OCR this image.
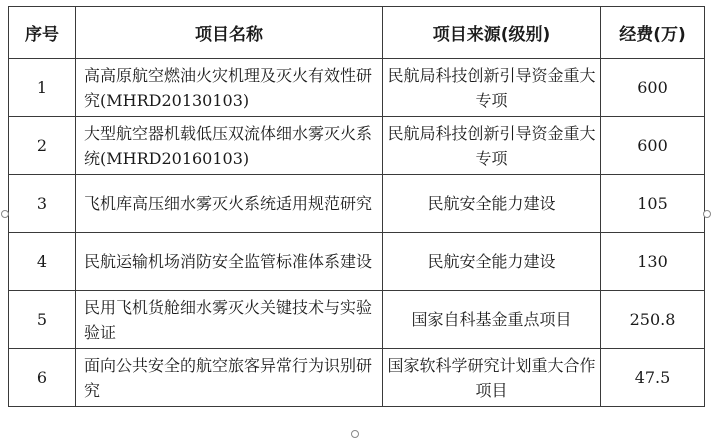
序号	项目名称	项目来源(级别)	经费(万)
1	高高原航空燃油火灾机理及灭火有效性研究(MHRD20130103)	民航局科技创新引导资金重大专项	600
2	大型航空器机载低压双流体细水雾灭火系统(MHRD20160103)	民航局科技创新引导资金重大专项	600
3	飞机库高压细水雾灭火系统适用规范研究	民航安全能力建设	105
4	民航运输机场消防安全监管标准体系建设	民航安全能力建设	130
5	民用飞机货舱细水雾灭火关键技术与实验验证	国家自科基金重点项目	250.8
6	面向公共安全的航空旅客异常行为识别研究	国家软科学研究计划重大合作项目	47.5
